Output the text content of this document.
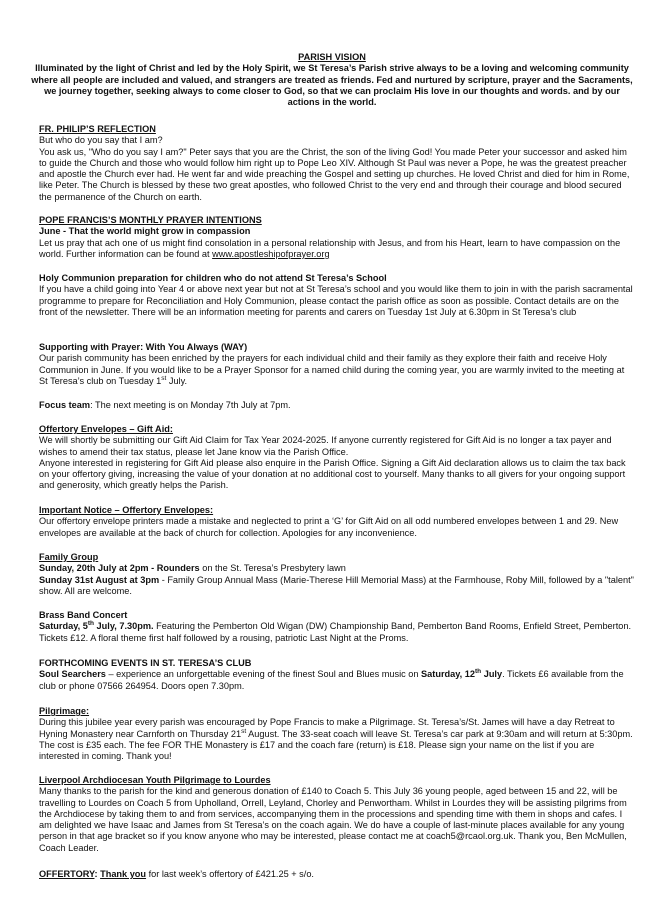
PARISH VISION

Illuminated by the light of Christ and led by the Holy Spirit, we St Teresa’s Parish strive always to be a loving and welcoming community where all people are included and valued, and strangers are treated as friends. Fed and nurtured by scripture, prayer and the Sacraments, we journey together, seeking always to come closer to God, so that we can proclaim His love in our thoughts and words. and by our actions in the world.

FR. PHILIP’S REFLECTION

But who do you say that I am?

You ask us, "Who do you say I am?" Peter says that you are the Christ, the son of the living God! You made Peter your successor and asked him to guide the Church and those who would follow him right up to Pope Leo XIV. Although St Paul was never a Pope, he was the greatest preacher and apostle the Church ever had. He went far and wide preaching the Gospel and setting up churches. He loved Christ and died for him in Rome, like Peter. The Church is blessed by these two great apostles, who followed Christ to the very end and through their courage and blood secured the permanence of the Church on earth.

POPE FRANCIS’S MONTHLY PRAYER INTENTIONS

June - That the world might grow in compassion

Let us pray that ach one of us might find consolation in a personal relationship with Jesus, and from his Heart, learn to have compassion on the world. Further information can be found at www.apostleshipofprayer.org

Holy Communion preparation for children who do not attend St Teresa’s School

If you have a child going into Year 4 or above next year but not at St Teresa’s school and you would like them to join in with the parish sacramental programme to prepare for Reconciliation and Holy Communion, please contact the parish office as soon as possible. Contact details are on the front of the newsletter. There will be an information meeting for parents and carers on Tuesday 1st July at 6.30pm in St Teresa’s club

Supporting with Prayer: With You Always (WAY)

Our parish community has been enriched by the prayers for each individual child and their family as they explore their faith and receive Holy Communion in June. If you would like to be a Prayer Sponsor for a named child during the coming year, you are warmly invited to the meeting at St Teresa’s club on Tuesday 1st July.

Focus team: The next meeting is on Monday 7th July at 7pm.

Offertory Envelopes – Gift Aid:

We will shortly be submitting our Gift Aid Claim for Tax Year 2024-2025. If anyone currently registered for Gift Aid is no longer a tax payer and wishes to amend their tax status, please let Jane know via the Parish Office.

Anyone interested in registering for Gift Aid please also enquire in the Parish Office. Signing a Gift Aid declaration allows us to claim the tax back on your offertory giving, increasing the value of your donation at no additional cost to yourself. Many thanks to all givers for your ongoing support and generosity, which greatly helps the Parish.

Important Notice – Offertory Envelopes:

Our offertory envelope printers made a mistake and neglected to print a ‘G’ for Gift Aid on all odd numbered envelopes between 1 and 29. New envelopes are available at the back of church for collection. Apologies for any inconvenience.

Family Group

Sunday, 20th July at 2pm - Rounders on the St. Teresa’s Presbytery lawn

Sunday 31st August at 3pm - Family Group Annual Mass (Marie-Therese Hill Memorial Mass) at the Farmhouse, Roby Mill, followed by a "talent" show. All are welcome.

Brass Band Concert

Saturday, 5th July, 7.30pm. Featuring the Pemberton Old Wigan (DW) Championship Band, Pemberton Band Rooms, Enfield Street, Pemberton. Tickets £12. A floral theme first half followed by a rousing, patriotic Last Night at the Proms.

FORTHCOMING EVENTS IN ST. TERESA’S CLUB

Soul Searchers – experience an unforgettable evening of the finest Soul and Blues music on Saturday, 12th July. Tickets £6 available from the club or phone 07566 264954. Doors open 7.30pm.

Pilgrimage:

During this jubilee year every parish was encouraged by Pope Francis to make a Pilgrimage. St. Teresa’s/St. James will have a day Retreat to Hyning Monastery near Carnforth on Thursday 21st August. The 33-seat coach will leave St. Teresa’s car park at 9:30am and will return at 5:30pm. The cost is £35 each. The fee FOR THE Monastery is £17 and the coach fare (return) is £18. Please sign your name on the list if you are interested in coming. Thank you!

Liverpool Archdiocesan Youth Pilgrimage to Lourdes

Many thanks to the parish for the kind and generous donation of £140 to Coach 5. This July 36 young people, aged between 15 and 22, will be travelling to Lourdes on Coach 5 from Upholland, Orrell, Leyland, Chorley and Penwortham. Whilst in Lourdes they will be assisting pilgrims from the Archdiocese by taking them to and from services, accompanying them in the processions and spending time with them in shops and cafes. I am delighted we have Isaac and James from St Teresa’s on the coach again. We do have a couple of last-minute places available for any young person in that age bracket so if you know anyone who may be interested, please contact me at coach5@rcaol.org.uk. Thank you, Ben McMullen, Coach Leader.

OFFERTORY: Thank you for last week’s offertory of £421.25 + s/o.
